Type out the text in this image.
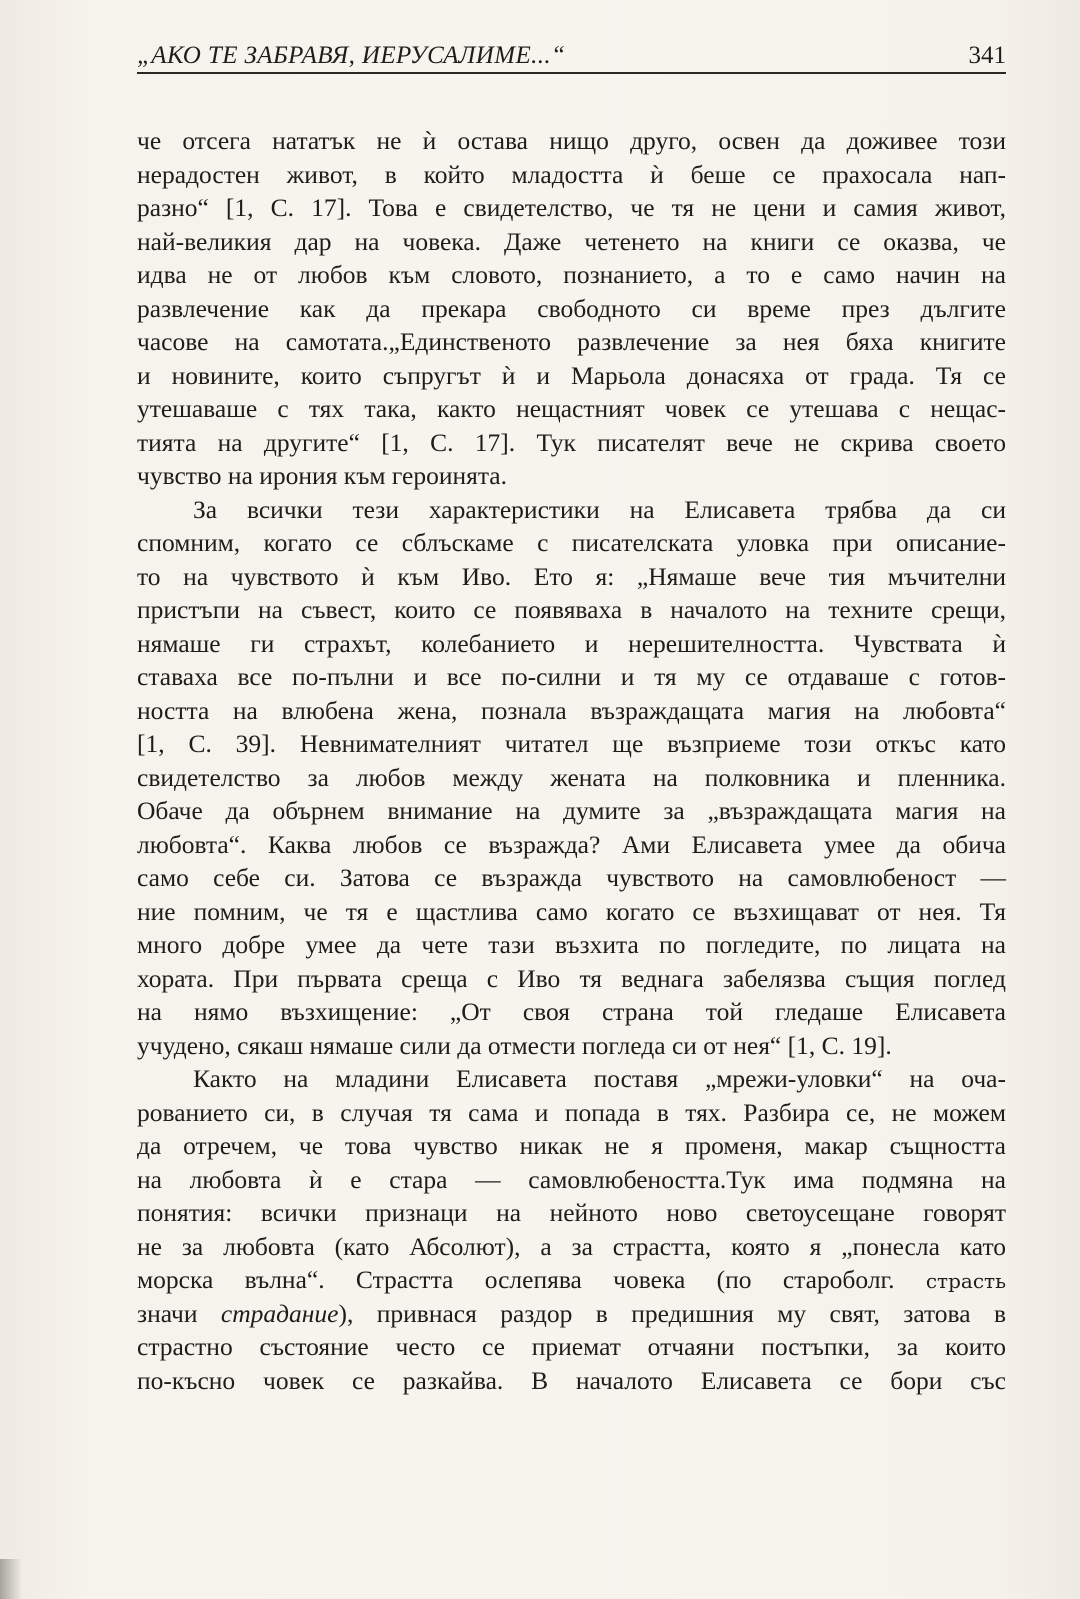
„АКО ТЕ ЗАБРАВЯ, ИЕРУСАЛИМЕ...“	341
че отсега нататък не ѝ остава нищо друго, освен да доживее този
нерадостен живот, в който младостта ѝ беше се прахосала нап-
разно“ [1, С. 17]. Това е свидетелство, че тя не цени и самия живот,
най-великия дар на човека. Даже четенето на книги се оказва, че
идва не от любов към словото, познанието, а то е само начин на
развлечение как да прекара свободното си време през дългите
часове на самотата.„Единственото развлечение за нея бяха книгите
и новините, които съпругът ѝ и Марьола донасяха от града. Тя се
утешаваше с тях така, както нещастният човек се утешава с нещас-
тията на другите“ [1, С. 17]. Тук писателят вече не скрива своето
чувство на ирония към героинята.
За всички тези характеристики на Елисавета трябва да си
спомним, когато се сблъскаме с писателската уловка при описание-
то на чувството ѝ към Иво. Ето я: „Нямаше вече тия мъчителни
пристъпи на съвест, които се появяваха в началото на техните срещи,
нямаше ги страхът, колебанието и нерешителността. Чувствата ѝ
ставаха все по-пълни и все по-силни и тя му се отдаваше с готов-
ността на влюбена жена, познала възраждащата магия на любовта“
[1, С. 39]. Невнимателният читател ще възприеме този откъс като
свидетелство за любов между жената на полковника и пленника.
Обаче да обърнем внимание на думите за „възраждащата магия на
любовта“. Каква любов се възражда? Ами Елисавета умее да обича
само себе си. Затова се възражда чувството на самовлюбеност —
ние помним, че тя е щастлива само когато се възхищават от нея. Тя
много добре умее да чете тази възхита по погледите, по лицата на
хората. При първата среща с Иво тя веднага забелязва същия поглед
на нямо възхищение: „От своя страна той гледаше Елисавета
учудено, сякаш нямаше сили да отмести погледа си от нея“ [1, С. 19].
Както на младини Елисавета поставя „мрежи-уловки“ на оча-
рованието си, в случая тя сама и попада в тях. Разбира се, не можем
да отречем, че това чувство никак не я променя, макар същността
на любовта ѝ е стара — самовлюбеността.Тук има подмяна на
понятия: всички признаци на нейното ново светоусещане говорят
не за любовта (като Абсолют), а за страстта, която я „понесла като
морска вълна“. Страстта ослепява човека (по староболг. страсть
значи страдание), привнася раздор в предишния му свят, затова в
страстно състояние често се приемат отчаяни постъпки, за които
по-късно човек се разкайва. В началото Елисавета се бори със
